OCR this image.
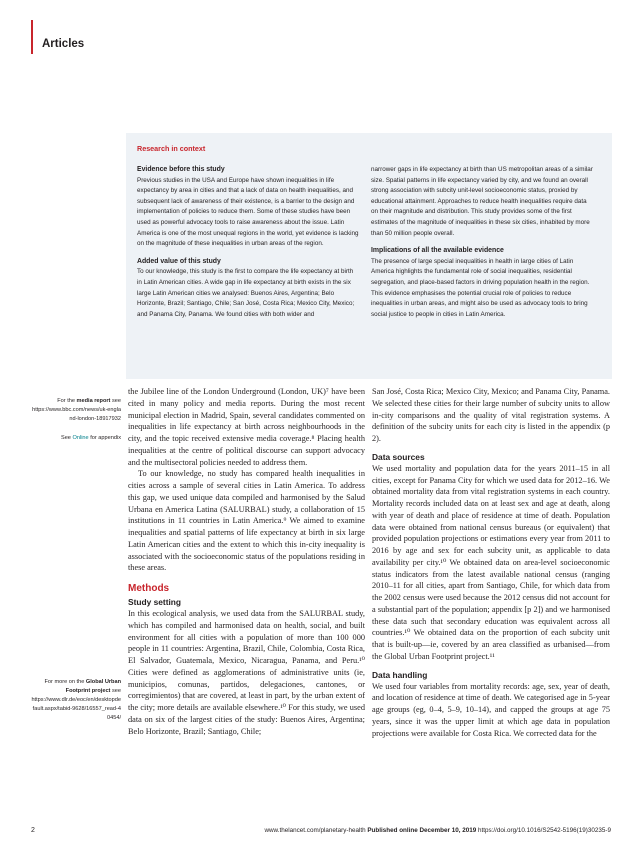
Articles
Research in context
Evidence before this study

Previous studies in the USA and Europe have shown inequalities in life expectancy by area in cities and that a lack of data on health inequalities, and subsequent lack of awareness of their existence, is a barrier to the design and implementation of policies to reduce them. Some of these studies have been used as powerful advocacy tools to raise awareness about the issue. Latin America is one of the most unequal regions in the world, yet evidence is lacking on the magnitude of these inequalities in urban areas of the region.

Added value of this study

To our knowledge, this study is the first to compare the life expectancy at birth in Latin American cities. A wide gap in life expectancy at birth exists in the six large Latin American cities we analysed: Buenos Aires, Argentina; Belo Horizonte, Brazil; Santiago, Chile; San José, Costa Rica; Mexico City, Mexico; and Panama City, Panama. We found cities with both wider and

narrower gaps in life expectancy at birth than US metropolitan areas of a similar size. Spatial patterns in life expectancy varied by city, and we found an overall strong association with subcity unit-level socioeconomic status, proxied by educational attainment. Approaches to reduce health inequalities require data on their magnitude and distribution. This study provides some of the first estimates of the magnitude of inequalities in these six cities, inhabited by more than 50 million people overall.

Implications of all the available evidence

The presence of large special inequalities in health in large cities of Latin America highlights the fundamental role of social inequalities, residential segregation, and place-based factors in driving population health in the region. This evidence emphasises the potential crucial role of policies to reduce inequalities in urban areas, and might also be used as advocacy tools to bring social justice to people in cities in Latin America.

For the media report see
https://www.bbc.com/news/uk-england-london-18917932
See Online for appendix
For more on the Global Urban Footprint project see
https://www.dlr.de/eoc/en/desktopdefault.aspx/tabid-9628/16557_read-40454/

the Jubilee line of the London Underground (London, UK)⁷ have been cited in many policy and media reports. During the most recent municipal election in Madrid, Spain, several candidates commented on inequalities in life expectancy at birth across neighbourhoods in the city, and the topic received extensive media coverage.⁸ Placing health inequalities at the centre of political discourse can support advocacy and the multisectoral policies needed to address them.

To our knowledge, no study has compared health inequalities in cities across a sample of several cities in Latin America. To address this gap, we used unique data compiled and harmonised by the Salud Urbana en America Latina (SALURBAL) study, a collaboration of 15 institutions in 11 countries in Latin America.⁹ We aimed to examine inequalities and spatial patterns of life expectancy at birth in six large Latin American cities and the extent to which this in-city inequality is associated with the socioeconomic status of the populations residing in these areas.

Methods
Study setting

In this ecological analysis, we used data from the SALURBAL study, which has compiled and harmonised data on health, social, and built environment for all cities with a population of more than 100 000 people in 11 countries: Argentina, Brazil, Chile, Colombia, Costa Rica, El Salvador, Guatemala, Mexico, Nicaragua, Panama, and Peru.¹⁰ Cities were defined as agglomerations of administrative units (ie, municipios, comunas, partidos, delegaciones, cantones, or corregimientos) that are covered, at least in part, by the urban extent of the city; more details are available elsewhere.¹⁰ For this study, we used data on six of the largest cities of the study: Buenos Aires, Argentina; Belo Horizonte, Brazil; Santiago, Chile;

San José, Costa Rica; Mexico City, Mexico; and Panama City, Panama. We selected these cities for their large number of subcity units to allow in-city comparisons and the quality of vital registration systems. A definition of the subcity units for each city is listed in the appendix (p 2).

Data sources

We used mortality and population data for the years 2011–15 in all cities, except for Panama City for which we used data for 2012–16. We obtained mortality data from vital registration systems in each country. Mortality records included data on at least sex and age at death, along with year of death and place of residence at time of death. Population data were obtained from national census bureaus (or equivalent) that provided population projections or estimations every year from 2011 to 2016 by age and sex for each subcity unit, as applicable to data availability per city.¹⁰ We obtained data on area-level socioeconomic status indicators from the latest available national census (ranging 2010–11 for all cities, apart from Santiago, Chile, for which data from the 2002 census were used because the 2012 census did not account for a substantial part of the population; appendix [p 2]) and we harmonised these data such that secondary education was equivalent across all countries.¹⁰ We obtained data on the proportion of each subcity unit that is built-up—ie, covered by an area classified as urbanised—from the Global Urban Footprint project.¹¹

Data handling

We used four variables from mortality records: age, sex, year of death, and location of residence at time of death. We categorised age in 5-year age groups (eg, 0–4, 5–9, 10–14), and capped the groups at age 75 years, since it was the upper limit at which age data in population projections were available for Costa Rica. We corrected data for the

2	www.thelancet.com/planetary-health Published online December 10, 2019 https://doi.org/10.1016/S2542-5196(19)30235-9
